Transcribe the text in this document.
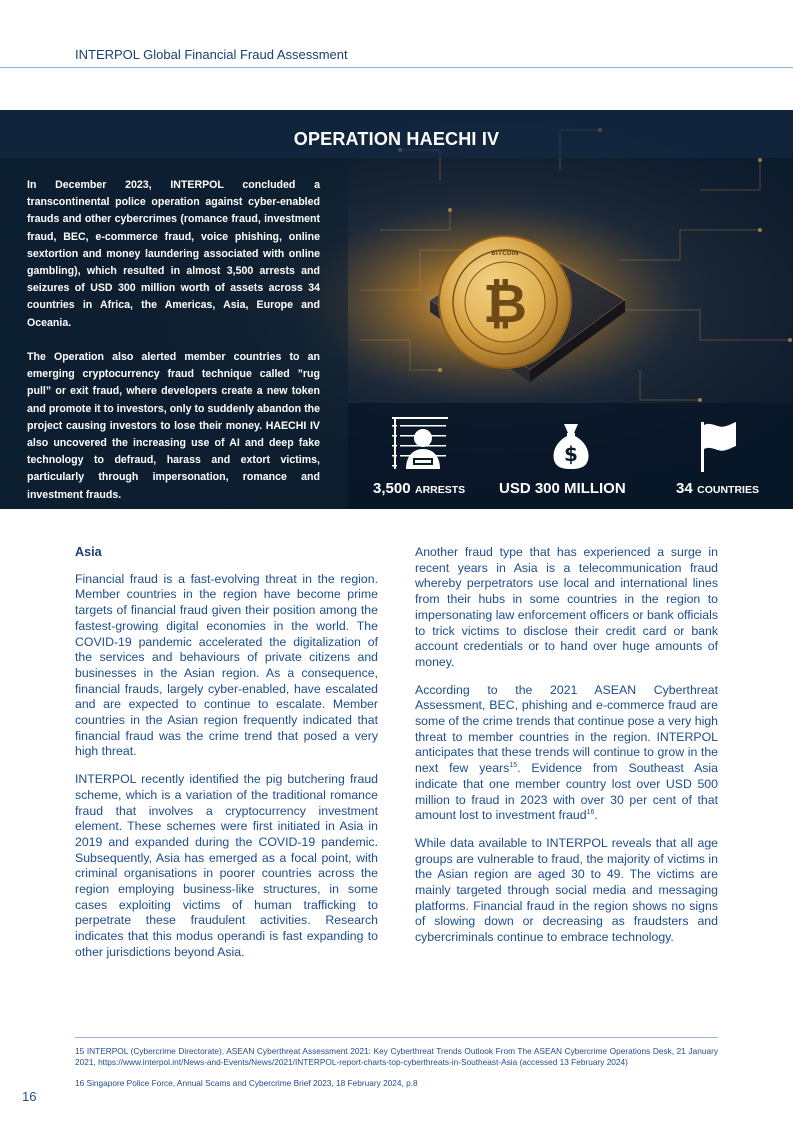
INTERPOL Global Financial Fraud Assessment
₿
BITCOIN
OPERATION HAECHI IV

In December 2023, INTERPOL concluded a transcontinental police operation against cyber-enabled frauds and other cybercrimes (romance fraud, investment fraud, BEC, e-commerce fraud, voice phishing, online sextortion and money laundering associated with online gambling), which resulted in almost 3,500 arrests and seizures of USD 300 million worth of assets across 34 countries in Africa, the Americas, Asia, Europe and Oceania.

The Operation also alerted member countries to an emerging cryptocurrency fraud technique called ”rug pull” or exit fraud, where developers create a new token and promote it to investors, only to suddenly abandon the project causing investors to lose their money. HAECHI IV also uncovered the increasing use of AI and deep fake technology to defraud, harass and extort victims, particularly through impersonation, romance and investment frauds.

$
3,500 ARRESTS USD 300 MILLION	34 COUNTRIES
Asia

Financial fraud is a fast-evolving threat in the region. Member countries in the region have become prime targets of financial fraud given their position among the fastest-growing digital economies in the world. The COVID-19 pandemic accelerated the digitalization of the services and behaviours of private citizens and businesses in the Asian region. As a consequence, financial frauds, largely cyber-enabled, have escalated and are expected to continue to escalate. Member countries in the Asian region frequently indicated that financial fraud was the crime trend that posed a very high threat.

INTERPOL recently identified the pig butchering fraud scheme, which is a variation of the traditional romance fraud that involves a cryptocurrency investment element. These schemes were first initiated in Asia in 2019 and expanded during the COVID-19 pandemic. Subsequently, Asia has emerged as a focal point, with criminal organisations in poorer countries across the region employing business-like structures, in some cases exploiting victims of human trafficking to perpetrate these fraudulent activities. Research indicates that this modus operandi is fast expanding to other jurisdictions beyond Asia.

Another fraud type that has experienced a surge in recent years in Asia is a telecommunication fraud whereby perpetrators use local and international lines from their hubs in some countries in the region to impersonating law enforcement officers or bank officials to trick victims to disclose their credit card or bank account credentials or to hand over huge amounts of money.

According to the 2021 ASEAN Cyberthreat Assessment, BEC, phishing and e-commerce fraud are some of the crime trends that continue pose a very high threat to member countries in the region. INTERPOL anticipates that these trends will continue to grow in the next few years$^{15}$. Evidence from Southeast Asia indicate that one member country lost over USD 500 million to fraud in 2023 with over 30 per cent of that amount lost to investment fraud$^{16}$.

While data available to INTERPOL reveals that all age groups are vulnerable to fraud, the majority of victims in the Asian region are aged 30 to 49. The victims are mainly targeted through social media and messaging platforms. Financial fraud in the region shows no signs of slowing down or decreasing as fraudsters and cybercriminals continue to embrace technology.

15 INTERPOL (Cybercrime Directorate), ASEAN Cyberthreat Assessment 2021: Key Cyberthreat Trends Outlook From The ASEAN Cybercrime Operations Desk, 21 January 2021, https://www.interpol.int/News-and-Events/News/2021/INTERPOL-report-charts-top-cyberthreats-in-Southeast-Asia (accessed 13 February 2024)

16 Singapore Police Force, Annual Scams and Cybercrime Brief 2023, 18 February 2024, p.8

16
